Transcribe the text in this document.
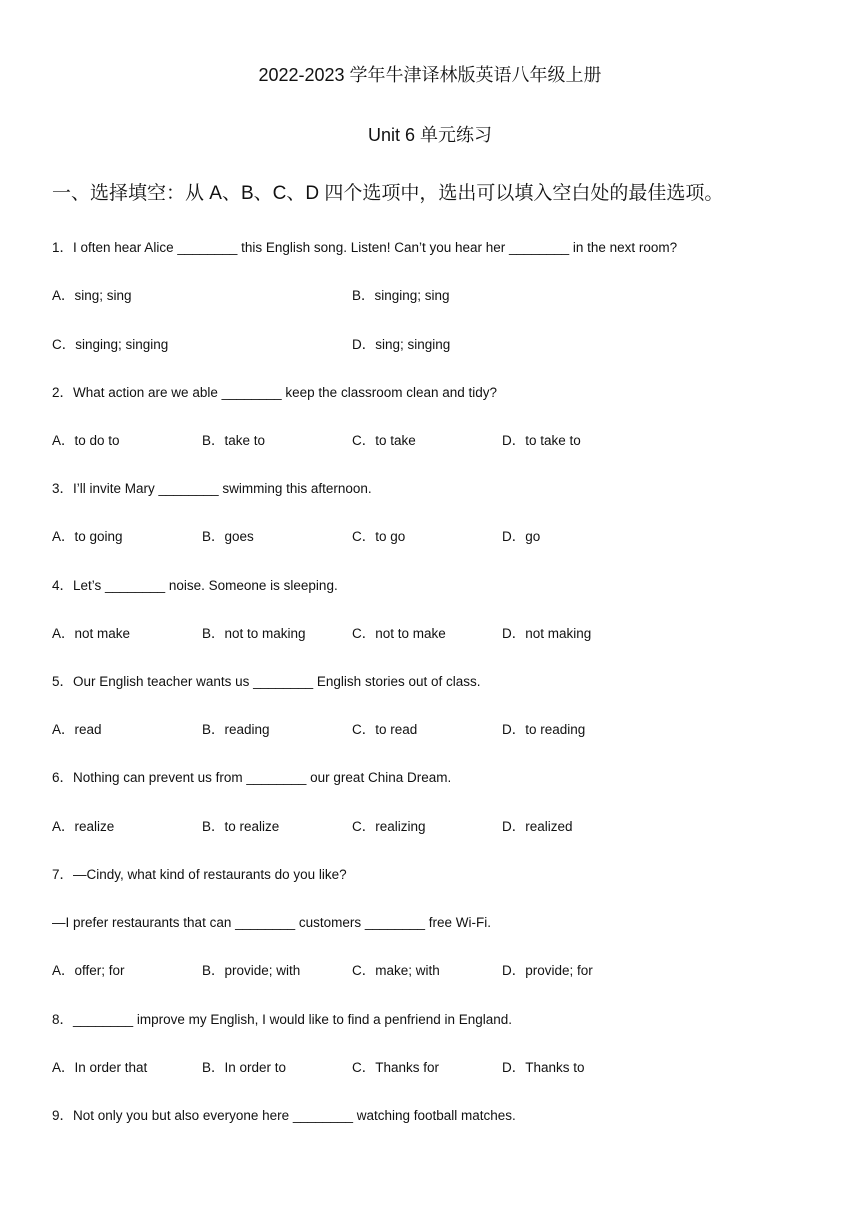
2022-2023 学年牛津译林版英语八年级上册
Unit 6 单元练习
一、选择填空：从 A、B、C、D 四个选项中，选出可以填入空白处的最佳选项。
1．I often hear Alice ________ this English song. Listen! Can’t you hear her ________ in the next room?
A．sing; sing	B．singing; sing
C．singing; singing	D．sing; singing
2．What action are we able ________ keep the classroom clean and tidy?
A．to do to	B．take to	C．to take	D．to take to
3．I’ll invite Mary ________ swimming this afternoon.
A．to going	B．goes	C．to go	D．go
4．Let’s ________ noise. Someone is sleeping.
A．not make	B．not to making	C．not to make	D．not making
5．Our English teacher wants us ________ English stories out of class.
A．read	B．reading	C．to read	D．to reading
6．Nothing can prevent us from ________ our great China Dream.
A．realize	B．to realize	C．realizing	D．realized
7．—Cindy, what kind of restaurants do you like?
—I prefer restaurants that can ________ customers ________ free Wi-Fi.
A．offer; for	B．provide; with	C．make; with	D．provide; for
8．________ improve my English, I would like to find a penfriend in England.
A．In order that	B．In order to	C．Thanks for	D．Thanks to
9．Not only you but also everyone here ________ watching football matches.
